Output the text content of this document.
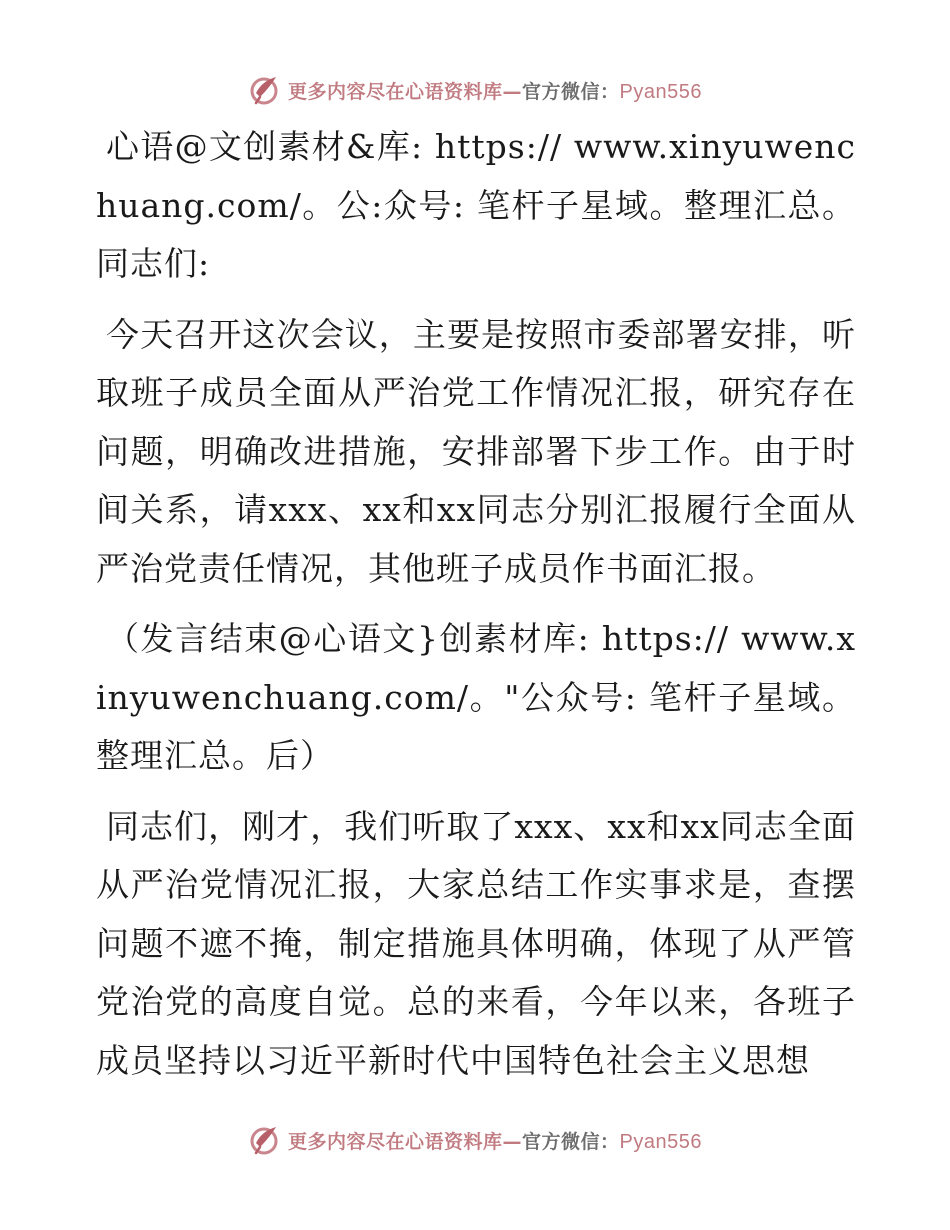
更多内容尽在心语资料库—官方微信：Pyan556

心语@文创素材&库: https:// www.xinyuwenchuang.com/。公:众号: 笔杆子星域。整理汇总。同志们:

今天召开这次会议，主要是按照市委部署安排，听取班子成员全面从严治党工作情况汇报，研究存在问题，明确改进措施，安排部署下步工作。由于时间关系，请xxx、xx和xx同志分别汇报履行全面从严治党责任情况，其他班子成员作书面汇报。

（发言结束@心语文}创素材库: https:// www.xinyuwenchuang.com/。"公众号: 笔杆子星域。整理汇总。后）

同志们，刚才，我们听取了xxx、xx和xx同志全面从严治党情况汇报，大家总结工作实事求是，查摆问题不遮不掩，制定措施具体明确，体现了从严管党治党的高度自觉。总的来看，今年以来，各班子成员坚持以习近平新时代中国特色社会主义思想

更多内容尽在心语资料库—官方微信：Pyan556
